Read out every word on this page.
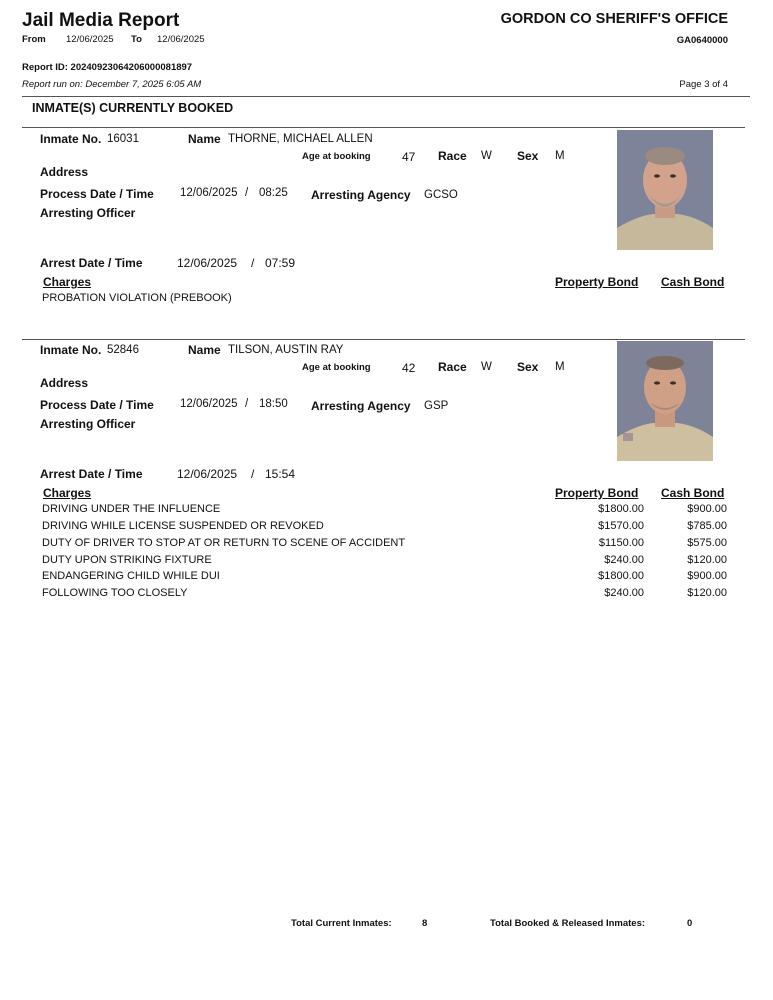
Jail Media Report
From 12/06/2025 To 12/06/2025
GORDON CO SHERIFF'S OFFICE
GA0640000
Report ID: 20240923064206000081897
Report run on: December 7, 2025 6:05 AM	Page 3 of 4
INMATE(S) CURRENTLY BOOKED
Inmate No. 16031	Name THORNE, MICHAEL ALLEN
Age at booking	47 Race W Sex M
Address
Process Date / Time 12/06/2025 / 08:25 Arresting Agency GCSO
Arresting Officer
Arrest Date / Time	12/06/2025 / 07:59
Charges	Property Bond Cash Bond
PROBATION VIOLATION (PREBOOK)
Inmate No. 52846	Name TILSON, AUSTIN RAY
Age at booking	42 Race W Sex M
Address
Process Date / Time 12/06/2025 / 18:50 Arresting Agency GSP
Arresting Officer
Arrest Date / Time	12/06/2025 / 15:54
Charges	Property Bond Cash Bond
DRIVING UNDER THE INFLUENCE	$1800.00	$900.00
DRIVING WHILE LICENSE SUSPENDED OR REVOKED	$1570.00	$785.00
DUTY OF DRIVER TO STOP AT OR RETURN TO SCENE OF ACCIDENT	$1150.00	$575.00
DUTY UPON STRIKING FIXTURE	$240.00	$120.00
ENDANGERING CHILD WHILE DUI	$1800.00	$900.00
FOLLOWING TOO CLOSELY	$240.00	$120.00
Total Current Inmates:	8	Total Booked & Released Inmates:	0
